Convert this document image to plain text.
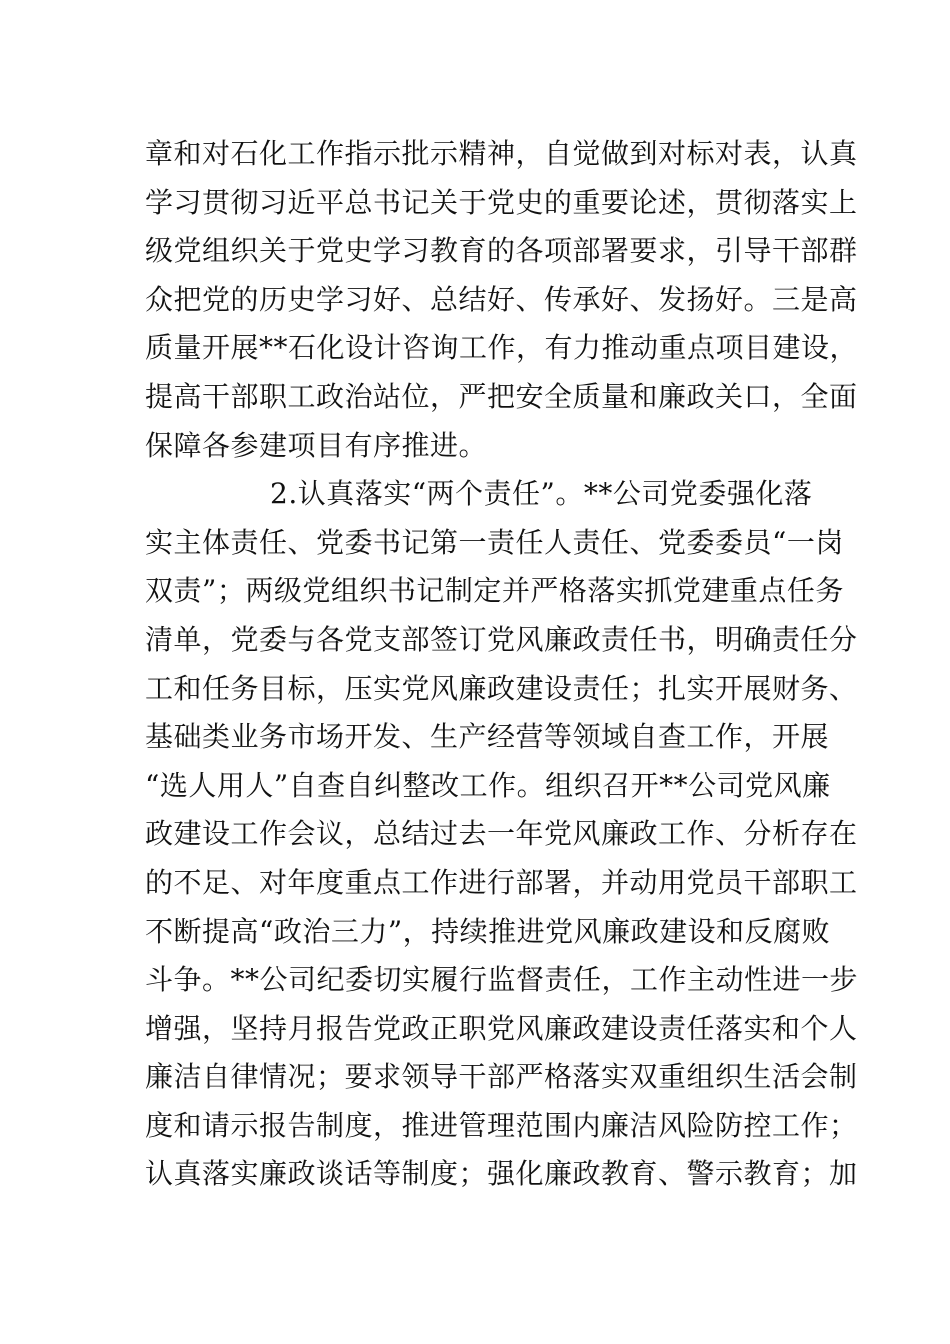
章和对石化工作指示批示精神，自觉做到对标对表，认真
学习贯彻习近平总书记关于党史的重要论述，贯彻落实上
级党组织关于党史学习教育的各项部署要求，引导干部群
众把党的历史学习好、总结好、传承好、发扬好。三是高
质量开展**石化设计咨询工作，有力推动重点项目建设，
提高干部职工政治站位，严把安全质量和廉政关口，全面
保障各参建项目有序推进。
2.认真落实“两个责任”。**公司党委强化落
实主体责任、党委书记第一责任人责任、党委委员“一岗
双责”；两级党组织书记制定并严格落实抓党建重点任务
清单，党委与各党支部签订党风廉政责任书，明确责任分
工和任务目标，压实党风廉政建设责任；扎实开展财务、
基础类业务市场开发、生产经营等领域自查工作，开展
“选人用人”自查自纠整改工作。组织召开**公司党风廉
政建设工作会议，总结过去一年党风廉政工作、分析存在
的不足、对年度重点工作进行部署，并动用党员干部职工
不断提高“政治三力”，持续推进党风廉政建设和反腐败
斗争。**公司纪委切实履行监督责任，工作主动性进一步
增强，坚持月报告党政正职党风廉政建设责任落实和个人
廉洁自律情况；要求领导干部严格落实双重组织生活会制
度和请示报告制度，推进管理范围内廉洁风险防控工作；
认真落实廉政谈话等制度；强化廉政教育、警示教育；加
